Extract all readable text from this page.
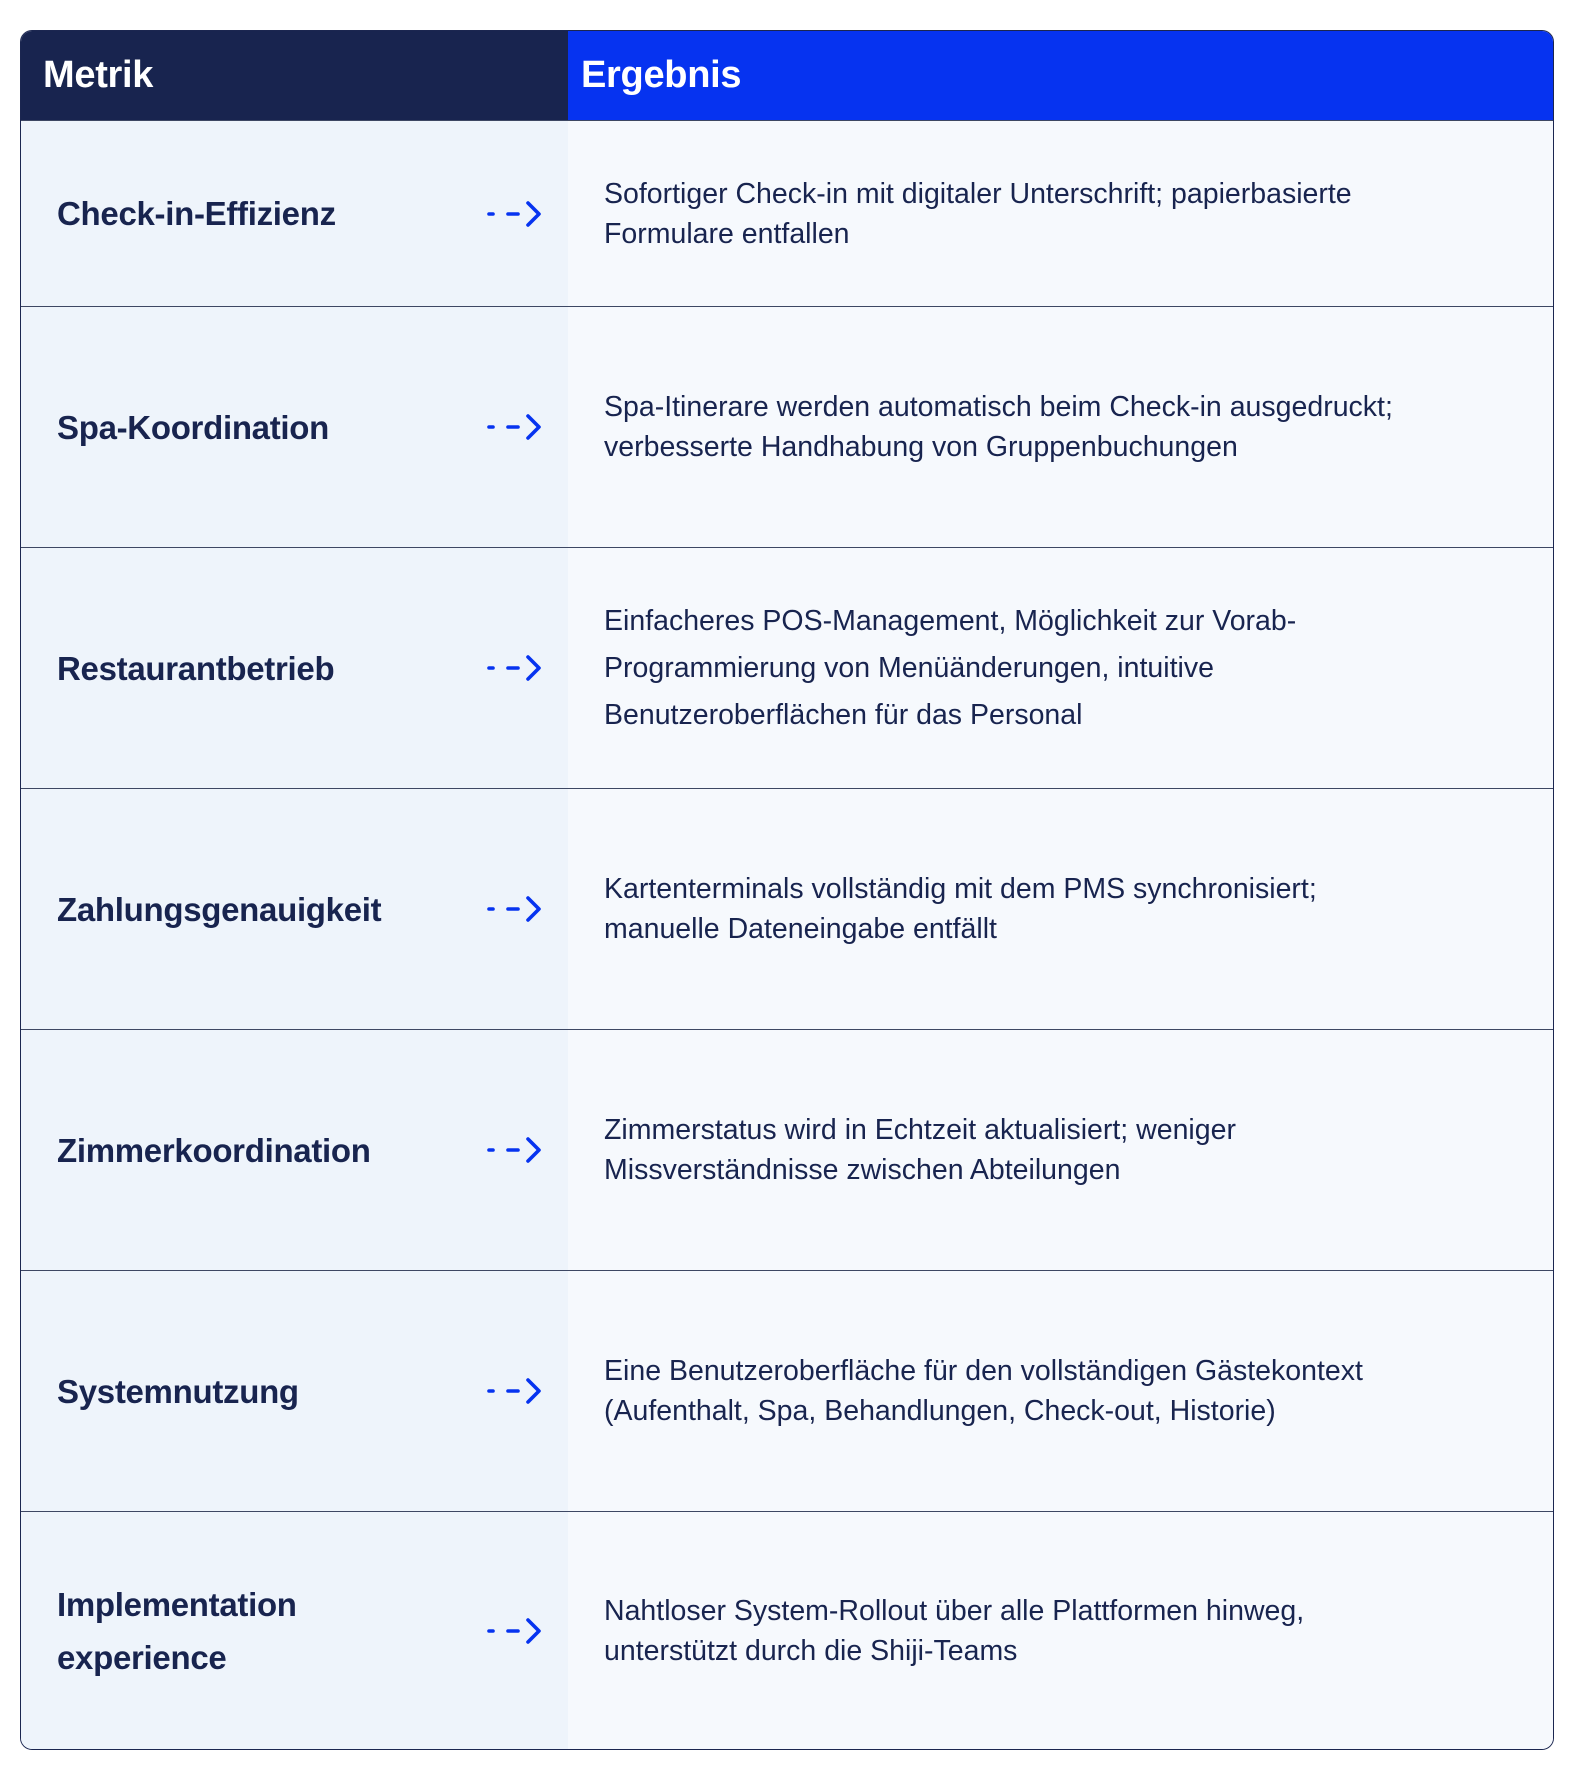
Metrik	Ergebnis
Check-in-Effizienz
Sofortiger Check-in mit digitaler Unterschrift; papierbasierte Formulare entfallen
Spa-Koordination
Spa-Itinerare werden automatisch beim Check-in ausgedruckt; verbesserte Handhabung von Gruppenbuchungen
Restaurantbetrieb
Einfacheres POS-Management, Möglichkeit zur Vorab-Programmierung von Menüänderungen, intuitive Benutzeroberflächen für das Personal
Zahlungsgenauigkeit
Kartenterminals vollständig mit dem PMS synchronisiert; manuelle Dateneingabe entfällt
Zimmerkoordination
Zimmerstatus wird in Echtzeit aktualisiert; weniger Missverständnisse zwischen Abteilungen
Systemnutzung
Eine Benutzeroberfläche für den vollständigen Gästekontext (Aufenthalt, Spa, Behandlungen, Check-out, Historie)
Implementation experience
Nahtloser System-Rollout über alle Plattformen hinweg, unterstützt durch die Shiji-Teams
